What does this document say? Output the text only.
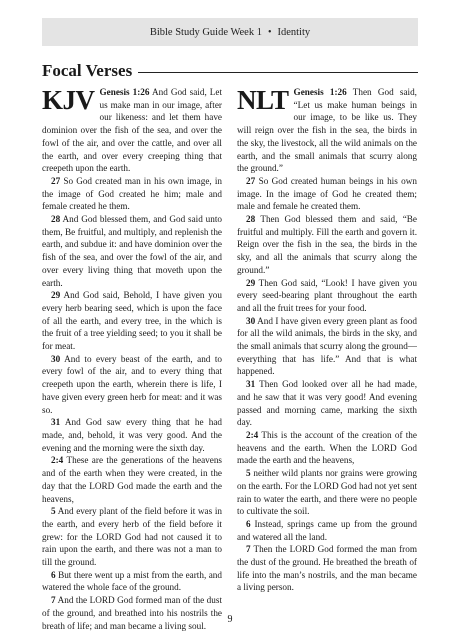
Bible Study Guide Week 1 • Identity
Focal Verses

KJV Genesis 1:26 And God said, Let us make man in our image, after our likeness: and let them have dominion over the fish of the sea, and over the fowl of the air, and over the cattle, and over all the earth, and over every creeping thing that creepeth upon the earth.

27 So God created man in his own image, in the image of God created he him; male and female created he them.

28 And God blessed them, and God said unto them, Be fruitful, and multiply, and replenish the earth, and subdue it: and have dominion over the fish of the sea, and over the fowl of the air, and over every living thing that moveth upon the earth.

29 And God said, Behold, I have given you every herb bearing seed, which is upon the face of all the earth, and every tree, in the which is the fruit of a tree yielding seed; to you it shall be for meat.

30 And to every beast of the earth, and to every fowl of the air, and to every thing that creepeth upon the earth, wherein there is life, I have given every green herb for meat: and it was so.

31 And God saw every thing that he had made, and, behold, it was very good. And the evening and the morning were the sixth day.

2:4 These are the generations of the heavens and of the earth when they were created, in the day that the LORD God made the earth and the heavens,

5 And every plant of the field before it was in the earth, and every herb of the field before it grew: for the LORD God had not caused it to rain upon the earth, and there was not a man to till the ground.

6 But there went up a mist from the earth, and watered the whole face of the ground.

7 And the LORD God formed man of the dust of the ground, and breathed into his nostrils the breath of life; and man became a living soul.

NLT Genesis 1:26 Then God said, “Let us make human beings in our image, to be like us. They will reign over the fish in the sea, the birds in the sky, the livestock, all the wild animals on the earth, and the small animals that scurry along the ground.”

27 So God created human beings in his own image. In the image of God he created them; male and female he created them.

28 Then God blessed them and said, “Be fruitful and multiply. Fill the earth and govern it. Reign over the fish in the sea, the birds in the sky, and all the animals that scurry along the ground.”

29 Then God said, “Look! I have given you every seed-bearing plant throughout the earth and all the fruit trees for your food.

30 And I have given every green plant as food for all the wild animals, the birds in the sky, and the small animals that scurry along the ground—everything that has life.” And that is what happened.

31 Then God looked over all he had made, and he saw that it was very good! And evening passed and morning came, marking the sixth day.

2:4 This is the account of the creation of the heavens and the earth. When the LORD God made the earth and the heavens,

5 neither wild plants nor grains were growing on the earth. For the LORD God had not yet sent rain to water the earth, and there were no people to cultivate the soil.

6 Instead, springs came up from the ground and watered all the land.

7 Then the LORD God formed the man from the dust of the ground. He breathed the breath of life into the man’s nostrils, and the man became a living person.

9
